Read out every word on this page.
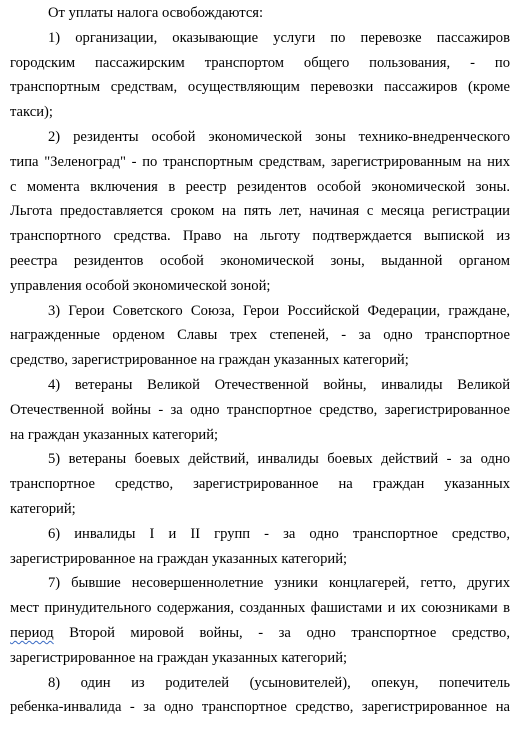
От уплаты налога освобождаются:
1) организации, оказывающие услуги по перевозке пассажиров
городским пассажирским транспортом общего пользования, - по
транспортным средствам, осуществляющим перевозки пассажиров (кроме
такси);
2) резиденты особой экономической зоны технико-внедренческого
типа "Зеленоград" - по транспортным средствам, зарегистрированным на них
с момента включения в реестр резидентов особой экономической зоны.
Льгота предоставляется сроком на пять лет, начиная с месяца регистрации
транспортного средства. Право на льготу подтверждается выпиской из
реестра резидентов особой экономической зоны, выданной органом
управления особой экономической зоной;
3) Герои Советского Союза, Герои Российской Федерации, граждане,
награжденные орденом Славы трех степеней, - за одно транспортное
средство, зарегистрированное на граждан указанных категорий;
4) ветераны Великой Отечественной войны, инвалиды Великой
Отечественной войны - за одно транспортное средство, зарегистрированное
на граждан указанных категорий;
5) ветераны боевых действий, инвалиды боевых действий - за одно
транспортное средство, зарегистрированное на граждан указанных
категорий;
6) инвалиды I и II групп - за одно транспортное средство,
зарегистрированное на граждан указанных категорий;
7) бывшие несовершеннолетние узники концлагерей, гетто, других
мест принудительного содержания, созданных фашистами и их союзниками в
период Второй мировой войны, - за одно транспортное средство,
зарегистрированное на граждан указанных категорий;
8) один из родителей (усыновителей), опекун, попечитель
ребенка-инвалида - за одно транспортное средство, зарегистрированное на
